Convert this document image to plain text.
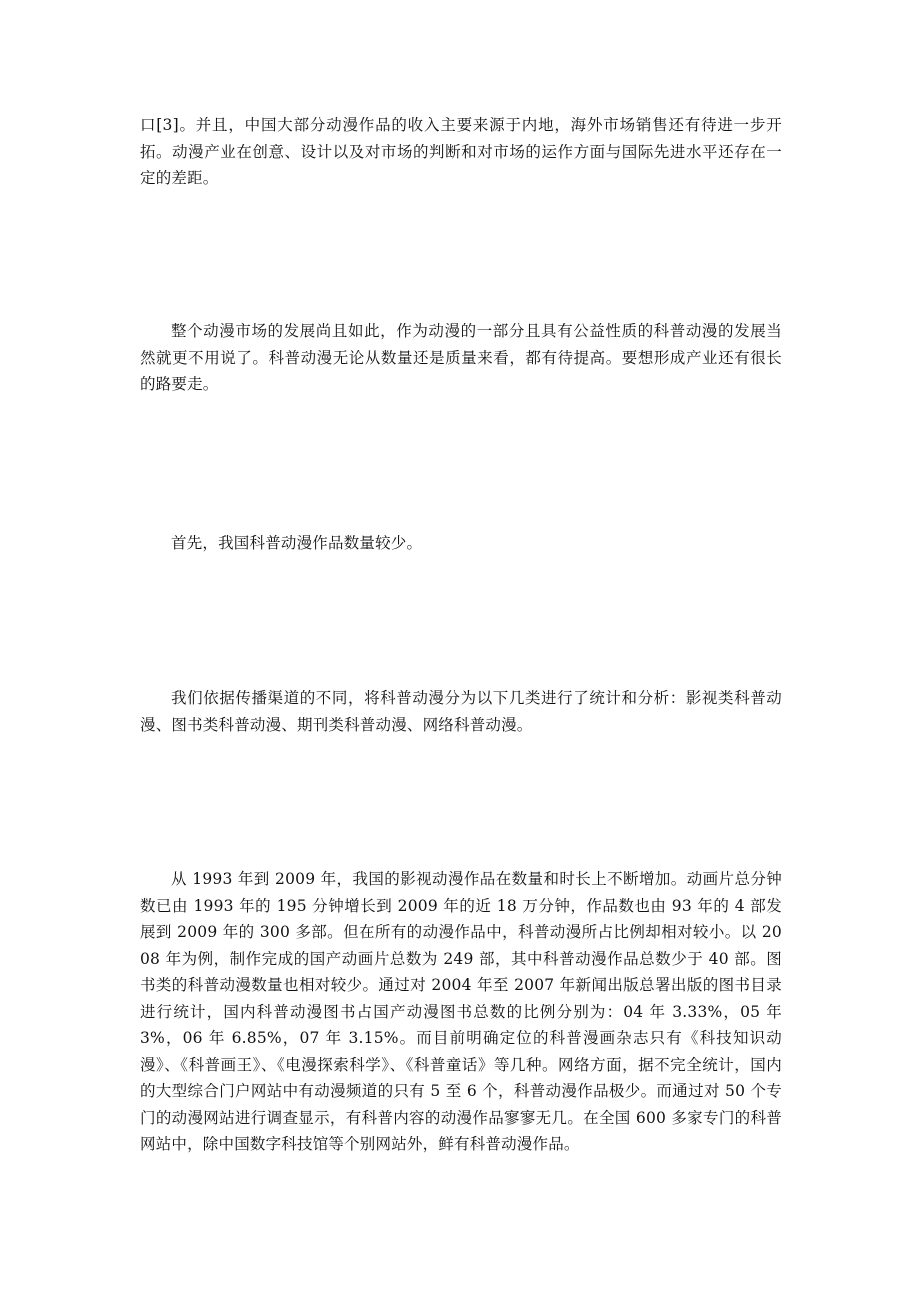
口[3]。并且，中国大部分动漫作品的收入主要来源于内地，海外市场销售还有待进一步开拓。动漫产业在创意、设计以及对市场的判断和对市场的运作方面与国际先进水平还存在一定的差距。

整个动漫市场的发展尚且如此，作为动漫的一部分且具有公益性质的科普动漫的发展当然就更不用说了。科普动漫无论从数量还是质量来看，都有待提高。要想形成产业还有很长的路要走。

首先，我国科普动漫作品数量较少。

我们依据传播渠道的不同，将科普动漫分为以下几类进行了统计和分析：影视类科普动漫、图书类科普动漫、期刊类科普动漫、网络科普动漫。

从 1993 年到 2009 年，我国的影视动漫作品在数量和时长上不断增加。动画片总分钟数已由 1993 年的 195 分钟增长到 2009 年的近 18 万分钟，作品数也由 93 年的 4 部发展到 2009 年的 300 多部。但在所有的动漫作品中，科普动漫所占比例却相对较小。以 2008 年为例，制作完成的国产动画片总数为 249 部，其中科普动漫作品总数少于 40 部。图书类的科普动漫数量也相对较少。通过对 2004 年至 2007 年新闻出版总署出版的图书目录进行统计，国内科普动漫图书占国产动漫图书总数的比例分别为：04 年 3.33%，05 年 3%，06 年 6.85%，07 年 3.15%。而目前明确定位的科普漫画杂志只有《科技知识动漫》、《科普画王》、《电漫探索科学》、《科普童话》等几种。网络方面，据不完全统计，国内的大型综合门户网站中有动漫频道的只有 5 至 6 个，科普动漫作品极少。而通过对 50 个专门的动漫网站进行调查显示，有科普内容的动漫作品寥寥无几。在全国 600 多家专门的科普网站中，除中国数字科技馆等个别网站外，鲜有科普动漫作品。
